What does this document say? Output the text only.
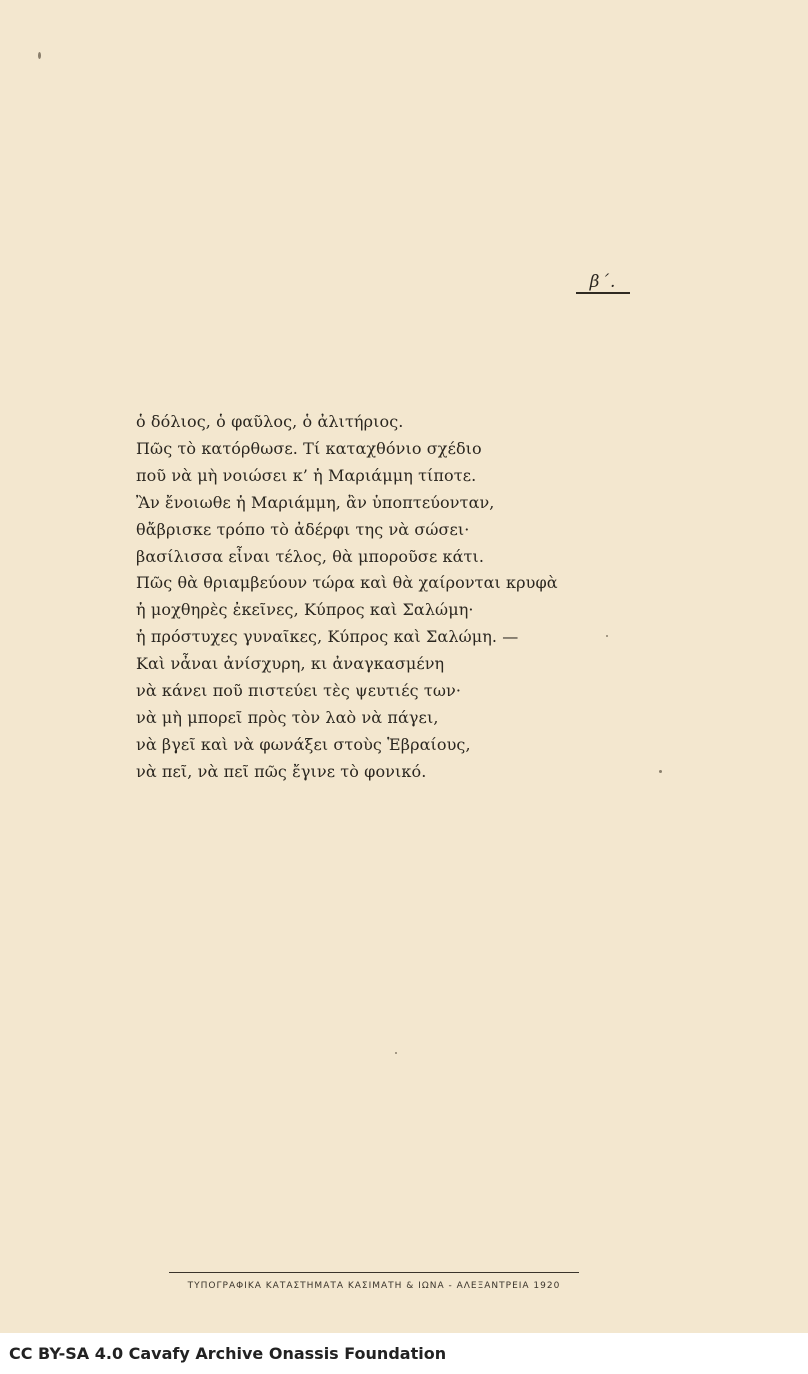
β΄.
ὁ δόλιος, ὁ φαῦλος, ὁ ἀλιτήριος.
Πῶς τὸ κατόρθωσε. Τί καταχθόνιο σχέδιο
ποῦ νὰ μὴ νοιώσει κ’ ἡ Μαριάμμη τίποτε.
Ἂν ἔνοιωθε ἡ Μαριάμμη, ἂν ὑποπτεύονταν,
θἄβρισκε τρόπο τὸ ἀδέρφι της νὰ σώσει·
βασίλισσα εἶναι τέλος, θὰ μποροῦσε κάτι.
Πῶς θὰ θριαμβεύουν τώρα καὶ θὰ χαίρονται κρυφὰ
ἡ μοχθηρὲς ἐκεῖνες, Κύπρος καὶ Σαλώμη·
ἡ πρόστυχες γυναῖκες, Κύπρος καὶ Σαλώμη. —
Καὶ νἆναι ἀνίσχυρη, κι ἀναγκασμένη
νὰ κάνει ποῦ πιστεύει τὲς ψευτιές των·
νὰ μὴ μπορεῖ πρὸς τὸν λαὸ νὰ πάγει,
νὰ βγεῖ καὶ νὰ φωνάξει στοὺς Ἑβραίους,
νὰ πεῖ, νὰ πεῖ πῶς ἔγινε τὸ φονικό.
ΤΥΠΟΓΡΑΦΙΚΑ ΚΑΤΑΣΤΗΜΑΤΑ ΚΑΣΙΜΑΤΗ & ΙΩΝΑ - ΑΛΕΞΑΝΤΡΕΙΑ 1920
CC BY-SA 4.0 Cavafy Archive Onassis Foundation
